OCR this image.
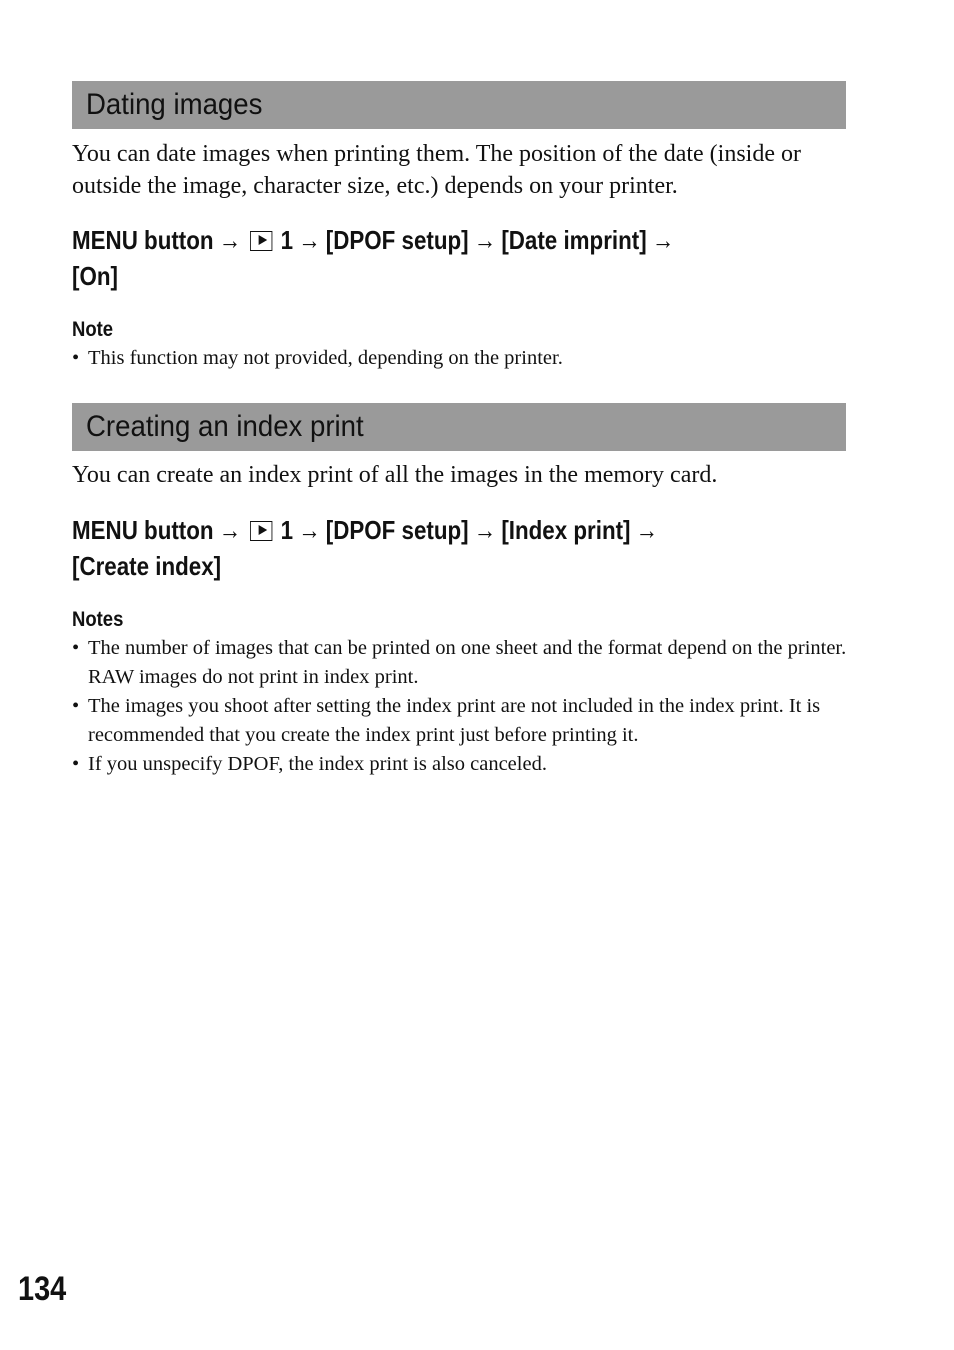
Dating images

You can date images when printing them. The position of the date (inside or outside the image, character size, etc.) depends on your printer.

MENU button → 1 → [DPOF setup] → [Date imprint] →
[On]
Note
• This function may not provided, depending on the printer.
Creating an index print

You can create an index print of all the images in the memory card.

MENU button → 1 → [DPOF setup] → [Index print] →
[Create index]
Notes
• The number of images that can be printed on one sheet and the format depend on the printer. RAW images do not print in index print.
• The images you shoot after setting the index print are not included in the index print. It is recommended that you create the index print just before printing it.
• If you unspecify DPOF, the index print is also canceled.
134
